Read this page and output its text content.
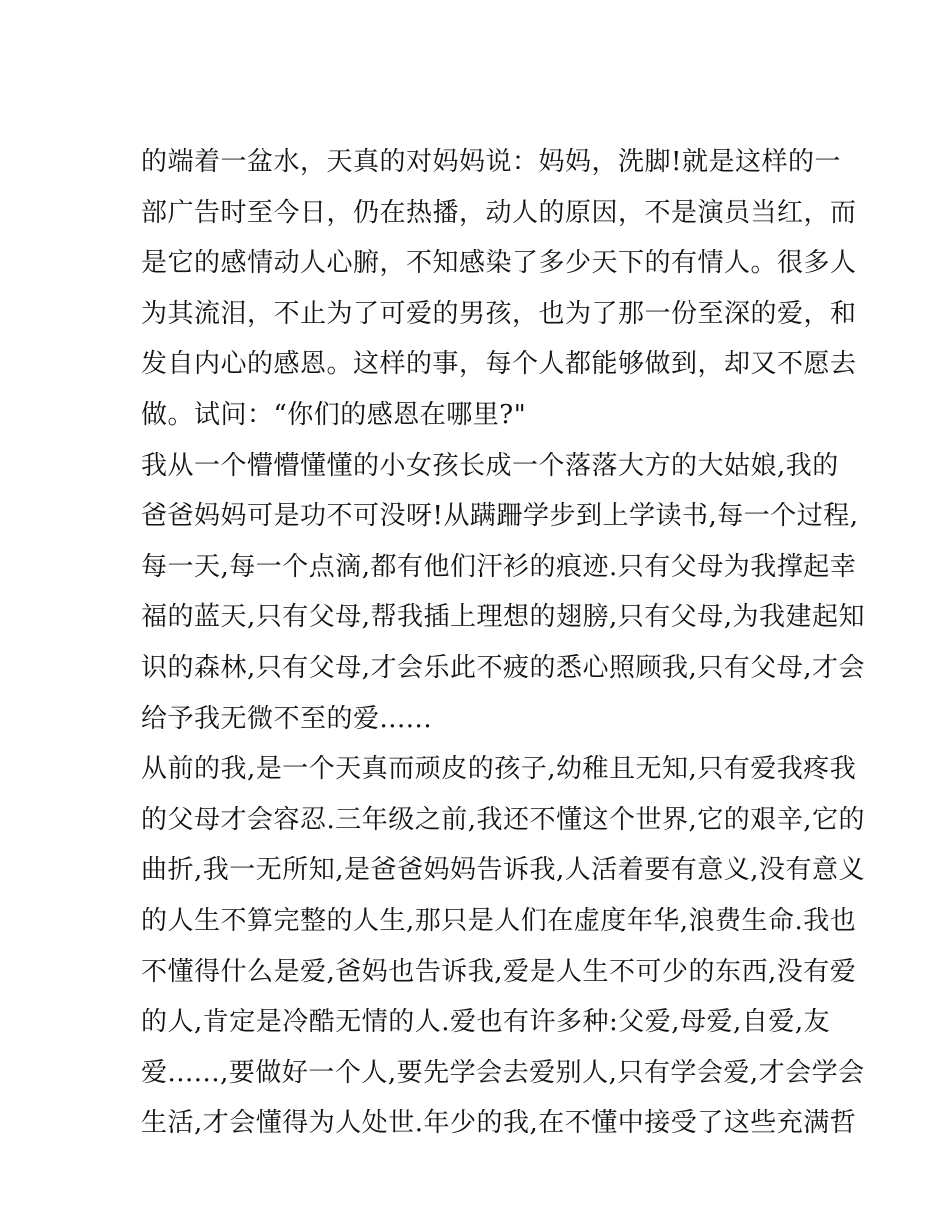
的端着一盆水，天真的对妈妈说：妈妈，洗脚!就是这样的一
部广告时至今日，仍在热播，动人的原因，不是演员当红，而
是它的感情动人心腑，不知感染了多少天下的有情人。很多人
为其流泪，不止为了可爱的男孩，也为了那一份至深的爱，和
发自内心的感恩。这样的事，每个人都能够做到，却又不愿去
做。试问：“你们的感恩在哪里?"
我从一个懵懵懂懂的小女孩长成一个落落大方的大姑娘,我的
爸爸妈妈可是功不可没呀!从蹒跚学步到上学读书,每一个过程,
每一天,每一个点滴,都有他们汗衫的痕迹.只有父母为我撑起幸
福的蓝天,只有父母,帮我插上理想的翅膀,只有父母,为我建起知
识的森林,只有父母,才会乐此不疲的悉心照顾我,只有父母,才会
给予我无微不至的爱......
从前的我,是一个天真而顽皮的孩子,幼稚且无知,只有爱我疼我
的父母才会容忍.三年级之前,我还不懂这个世界,它的艰辛,它的
曲折,我一无所知,是爸爸妈妈告诉我,人活着要有意义,没有意义
的人生不算完整的人生,那只是人们在虚度年华,浪费生命.我也
不懂得什么是爱,爸妈也告诉我,爱是人生不可少的东西,没有爱
的人,肯定是冷酷无情的人.爱也有许多种:父爱,母爱,自爱,友
爱......,要做好一个人,要先学会去爱别人,只有学会爱,才会学会
生活,才会懂得为人处世.年少的我,在不懂中接受了这些充满哲
